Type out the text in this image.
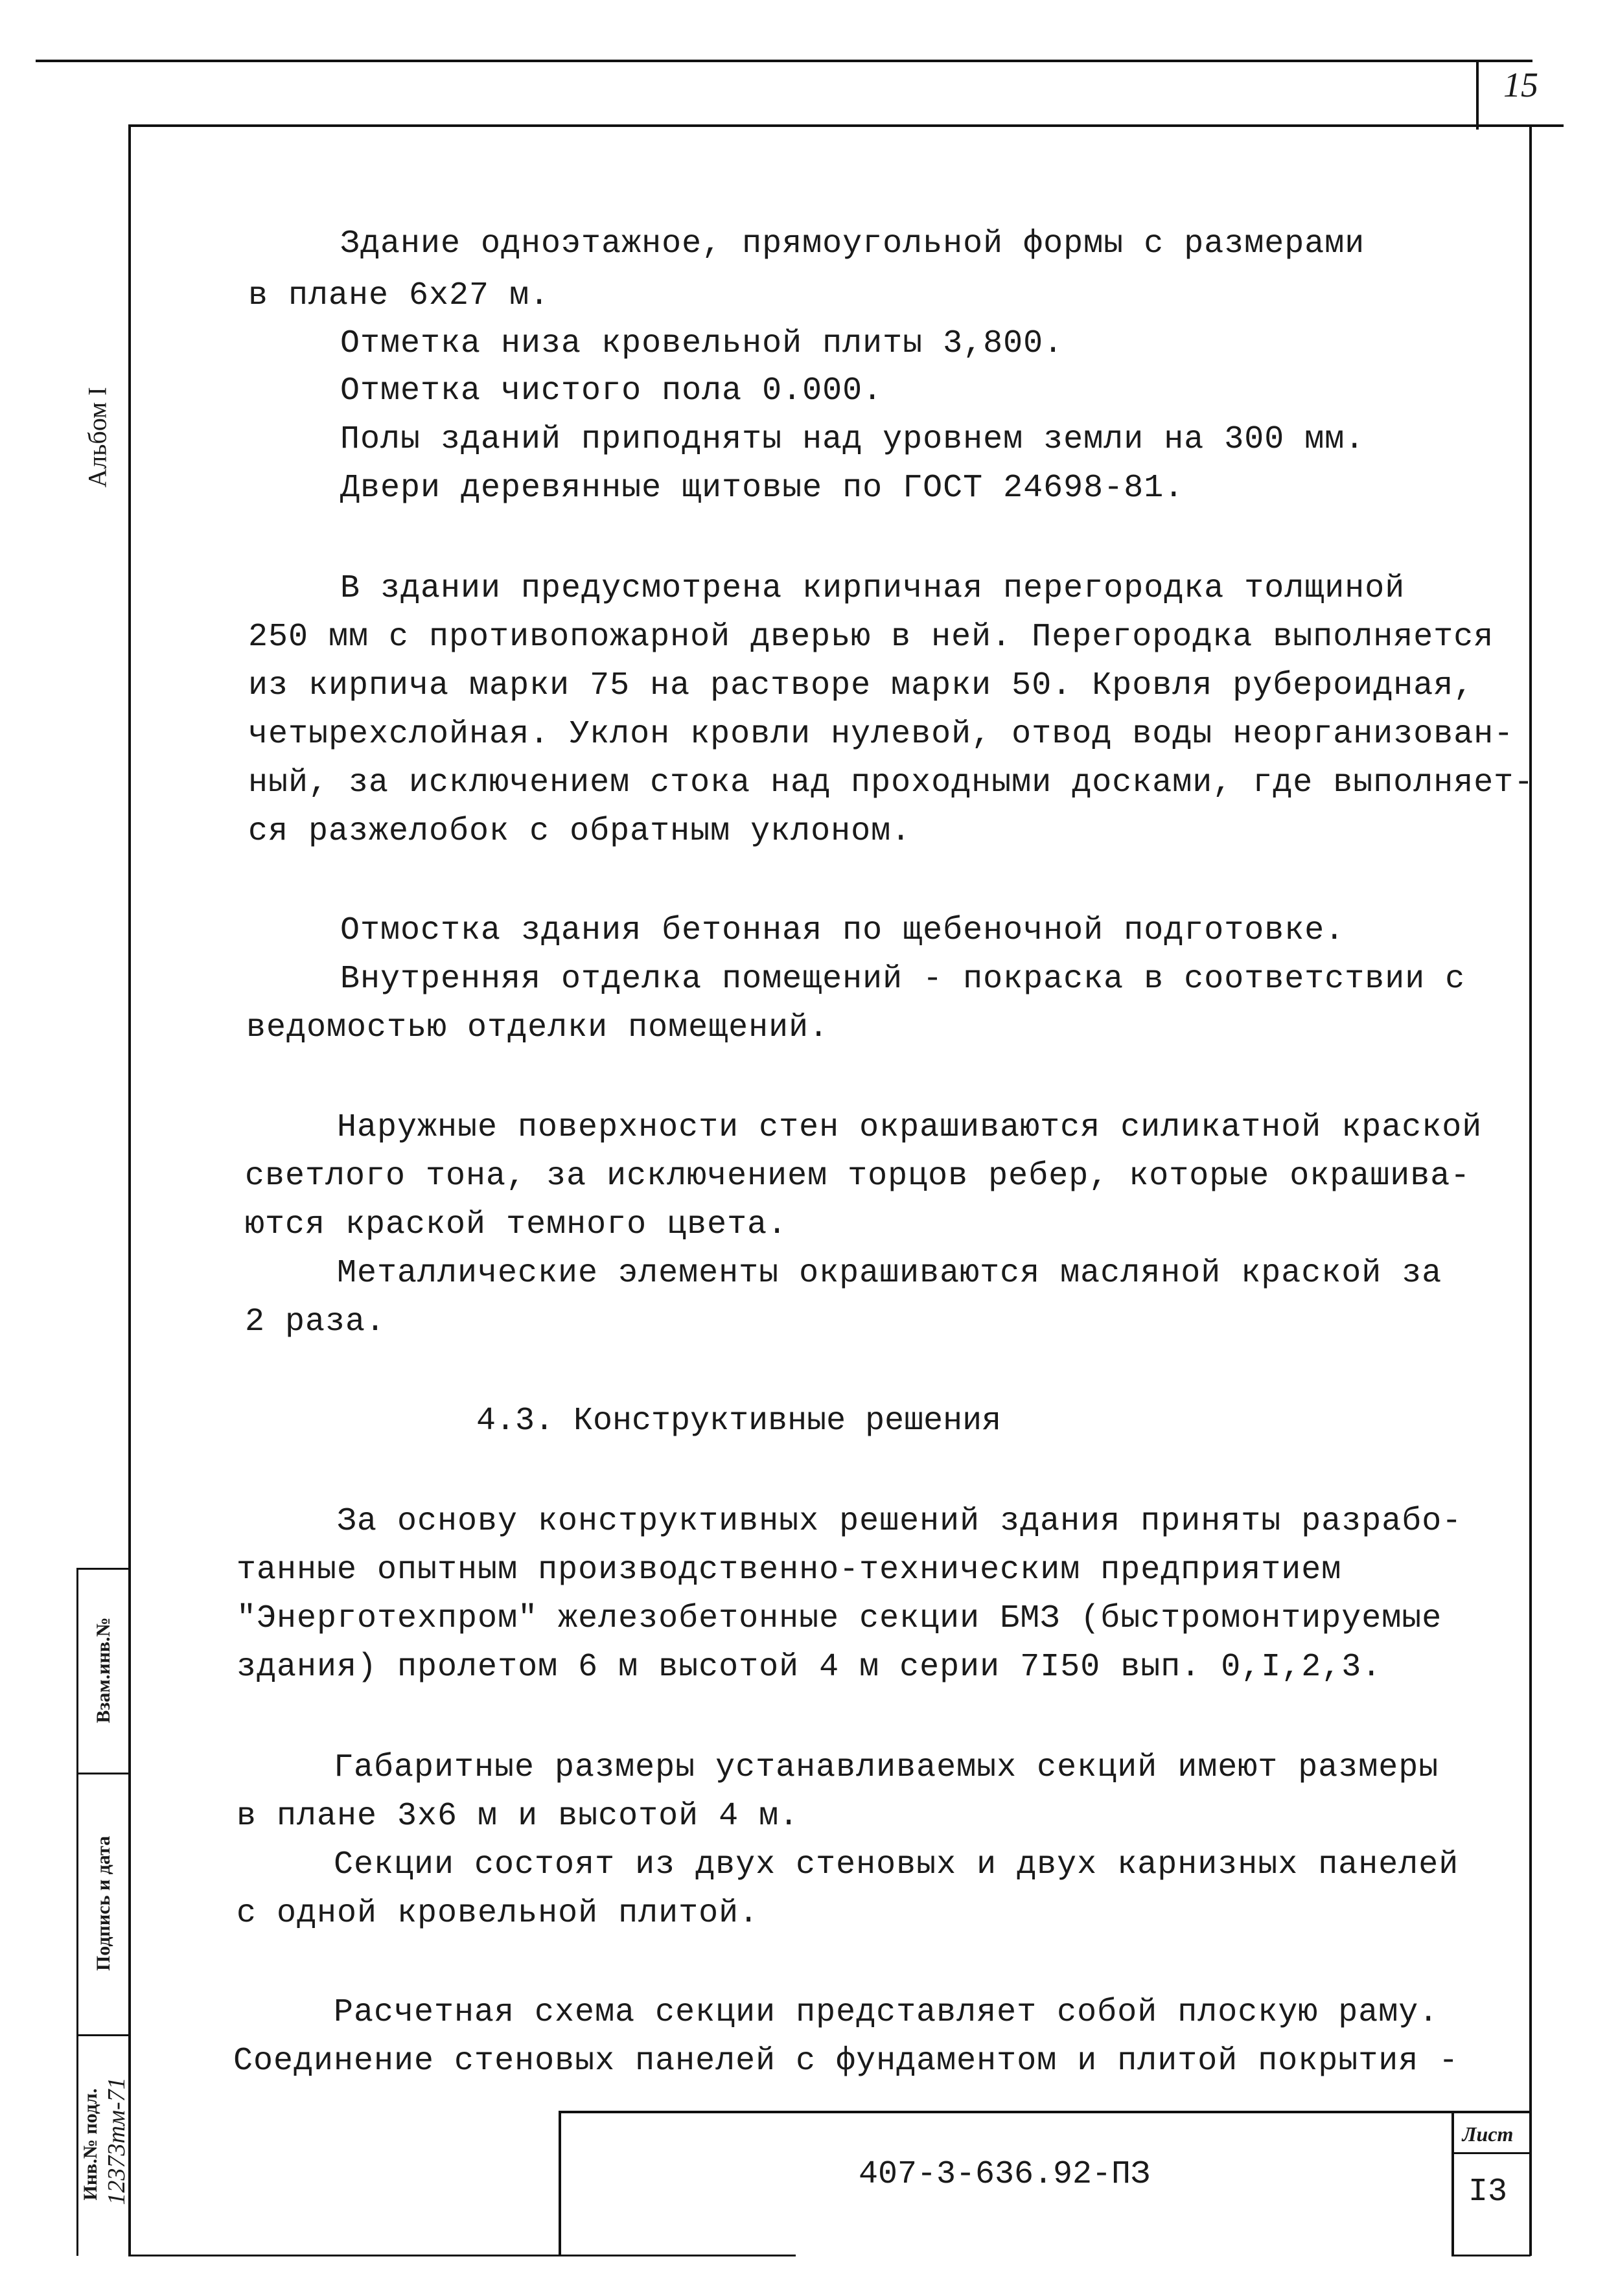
15
Альбом I
Взам.инв.№
Подпись и дата
Инв.№ подл. 12373тм-71
Здание одноэтажное, прямоугольной формы с размерами
в плане 6х27 м.
Отметка низа кровельной плиты 3,800.
Отметка чистого пола 0.000.
Полы зданий приподняты над уровнем земли на 300 мм.
Двери деревянные щитовые по ГОСТ 24698-81.
В здании предусмотрена кирпичная перегородка толщиной
250 мм с противопожарной дверью в ней. Перегородка выполняется
из кирпича марки 75 на растворе марки 50. Кровля рубероидная,
четырехслойная. Уклон кровли нулевой, отвод воды неорганизован-
ный, за исключением стока над проходными досками, где выполняет-
ся разжелобок с обратным уклоном.
Отмостка здания бетонная по щебеночной подготовке.
Внутренняя отделка помещений - покраска в соответствии с
ведомостью отделки помещений.
Наружные поверхности стен окрашиваются силикатной краской
светлого тона, за исключением торцов ребер, которые окрашива-
ются краской темного цвета.
Металлические элементы окрашиваются масляной краской за
2 раза.
4.3. Конструктивные решения
За основу конструктивных решений здания приняты разрабо-
танные опытным производственно-техническим предприятием
"Энерготехпром" железобетонные секции БМЗ (быстромонтируемые
здания) пролетом 6 м высотой 4 м серии 7I50 вып. 0,I,2,3.
Габаритные размеры устанавливаемых секций имеют размеры
в плане 3х6 м и высотой 4 м.
Секции состоят из двух стеновых и двух карнизных панелей
с одной кровельной плитой.
Расчетная схема секции представляет собой плоскую раму.
Соединение стеновых панелей с фундаментом и плитой покрытия -
407-3-636.92-ПЗ
Лист
I3
